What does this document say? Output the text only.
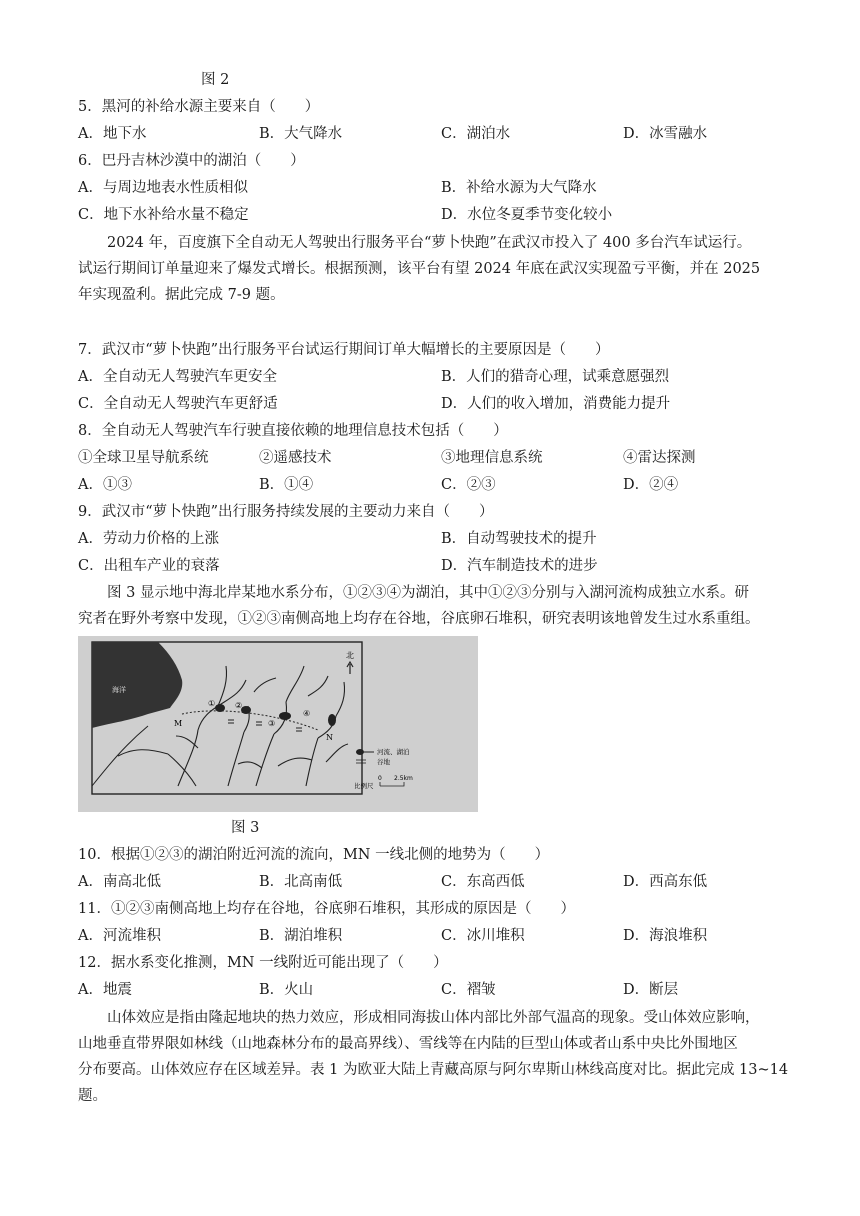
图 2
5．黑河的补给水源主要来自（　　）
A．地下水	B．大气降水	C．湖泊水	D．冰雪融水
6．巴丹吉林沙漠中的湖泊（　　）
A．与周边地表水性质相似	B．补给水源为大气降水
C．地下水补给水量不稳定	D．水位冬夏季节变化较小
2024 年，百度旗下全自动无人驾驶出行服务平台“萝卜快跑”在武汉市投入了 400 多台汽车试运行。
试运行期间订单量迎来了爆发式增长。根据预测，该平台有望 2024 年底在武汉实现盈亏平衡，并在 2025
年实现盈利。据此完成 7-9 题。
7．武汉市“萝卜快跑”出行服务平台试运行期间订单大幅增长的主要原因是（　　）
A．全自动无人驾驶汽车更安全	B．人们的猎奇心理，试乘意愿强烈
C．全自动无人驾驶汽车更舒适	D．人们的收入增加，消费能力提升
8．全自动无人驾驶汽车行驶直接依赖的地理信息技术包括（　　）
①全球卫星导航系统	②遥感技术	③地理信息系统	④雷达探测
A．①③	B．①④	C．②③	D．②④
9．武汉市“萝卜快跑”出行服务持续发展的主要动力来自（　　）
A．劳动力价格的上涨	B．自动驾驶技术的提升
C．出租车产业的衰落	D．汽车制造技术的进步
图 3 显示地中海北岸某地水系分布，①②③④为湖泊，其中①②③分别与入湖河流构成独立水系。研
究者在野外考察中发现，①②③南侧高地上均存在谷地，谷底卵石堆积，研究表明该地曾发生过水系重组。
海洋
① ②
③
④
M
N
北
河流、湖泊
谷地
比例尺
0 2.5km
图 3
10．根据①②③的湖泊附近河流的流向，MN 一线北侧的地势为（　　）
A．南高北低	B．北高南低	C．东高西低	D．西高东低
11．①②③南侧高地上均存在谷地，谷底卵石堆积，其形成的原因是（　　）
A．河流堆积	B．湖泊堆积	C．冰川堆积	D．海浪堆积
12．据水系变化推测，MN 一线附近可能出现了（　　）
A．地震	B．火山	C．褶皱	D．断层
山体效应是指由隆起地块的热力效应，形成相同海拔山体内部比外部气温高的现象。受山体效应影响，
山地垂直带界限如林线（山地森林分布的最高界线）、雪线等在内陆的巨型山体或者山系中央比外围地区
分布要高。山体效应存在区域差异。表 1 为欧亚大陆上青藏高原与阿尔卑斯山林线高度对比。据此完成 13~14
题。
